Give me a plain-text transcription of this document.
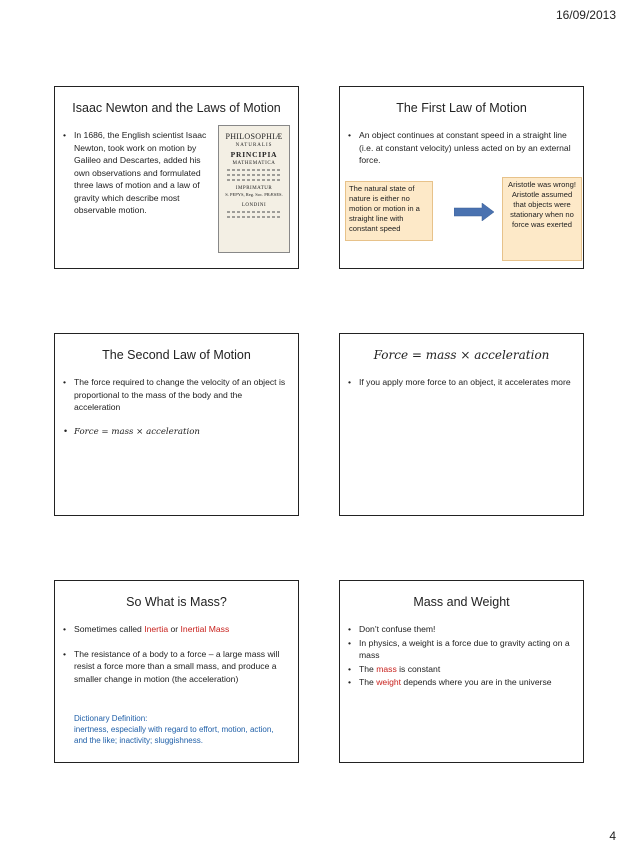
16/09/2013
Isaac Newton and the Laws of Motion
• In 1686, the English scientist Isaac Newton, took work on motion by Galileo and Descartes, added his own observations and formulated three laws of motion and a law of gravity which describe most observable motion.
PHILOSOPHIÆ
NATURALIS
PRINCIPIA
MATHEMATICA
IMPRIMATUR
S. PEPYS, Reg. Soc. PRÆSES.
LONDINI
The First Law of Motion
• An object continues at constant speed in a straight line (i.e. at constant velocity) unless acted on by an external force.
The natural state of nature is either no motion or motion in a straight line with constant speed
Aristotle was wrong! Aristotle assumed that objects were stationary when no force was exerted
The Second Law of Motion
• The force required to change the velocity of an object is proportional to the mass of the body and the acceleration
• Force = mass × acceleration
Force = mass × acceleration
• If you apply more force to an object, it accelerates more
So What is Mass?
• Sometimes called Inertia or Inertial Mass
• The resistance of a body to a force – a large mass will resist a force more than a small mass, and produce a smaller change in motion (the acceleration)
Dictionary Definition:
inertness, especially with regard to effort, motion, action, and the like; inactivity; sluggishness.
Mass and Weight
• Don’t confuse them!
• In physics, a weight is a force due to gravity acting on a mass
• The mass is constant
• The weight depends where you are in the universe
4
